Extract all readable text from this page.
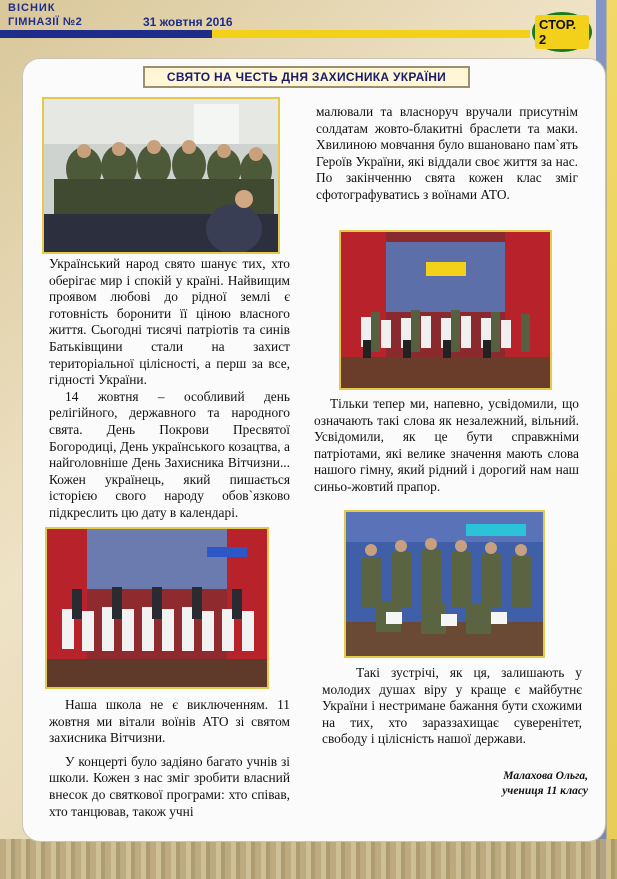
ВІСНИК
ГІМНАЗІЇ №2	31 жовтня 2016	СТОР. 2
СВЯТО НА ЧЕСТЬ ДНЯ ЗАХИСНИКА УКРАЇНИ

Український народ свято шанує тих, хто оберігає мир і спокій у країні. Найвищим проявом любові до рідної землі є готовність боронити її ціною власного життя. Сьогодні тисячі патріотів та синів Батьківщини стали на захист територіальної цілісності, а перш за все, гідності України.

14 жовтня – особливий день релігійного, державного та народного свята. День Покрови Пресвятої Богородиці, День українського козацтва, а найголовніше День Захисника Вітчизни... Кожен українець, який пишається історією свого народу обов`язково підкреслить цю дату в календарі.

малювали та власноруч вручали присутнім солдатам жовто-блакитні браслети та маки. Хвилиною мовчання було вшановано пам`ять Героїв України, які віддали своє життя за нас. По закінченню свята кожен клас зміг сфотографуватись з воїнами АТО.

Тільки тепер ми, напевно, усвідомили, що означають такі слова як незалежний, вільний. Усвідомили, як це бути справжніми патріотами, які велике значення мають слова нашого гімну, який рідний і дорогий нам наш синьо-жовтий прапор.

Наша школа не є виключенням. 11 жовтня ми вітали воїнів АТО зі святом захисника Вітчизни.

У концерті було задіяно багато учнів зі школи. Кожен з нас зміг зробити власний внесок до святкової програми: хто співав, хто танцював, також учні

Такі зустрічі, як ця, залишають у молодих душах віру у краще є майбутнє України і нестримане бажання бути схожими на тих, хто зараззахищає суверенітет, свободу і цілісність нашої держави.

Малахова Ольга,
учениця 11 класу
